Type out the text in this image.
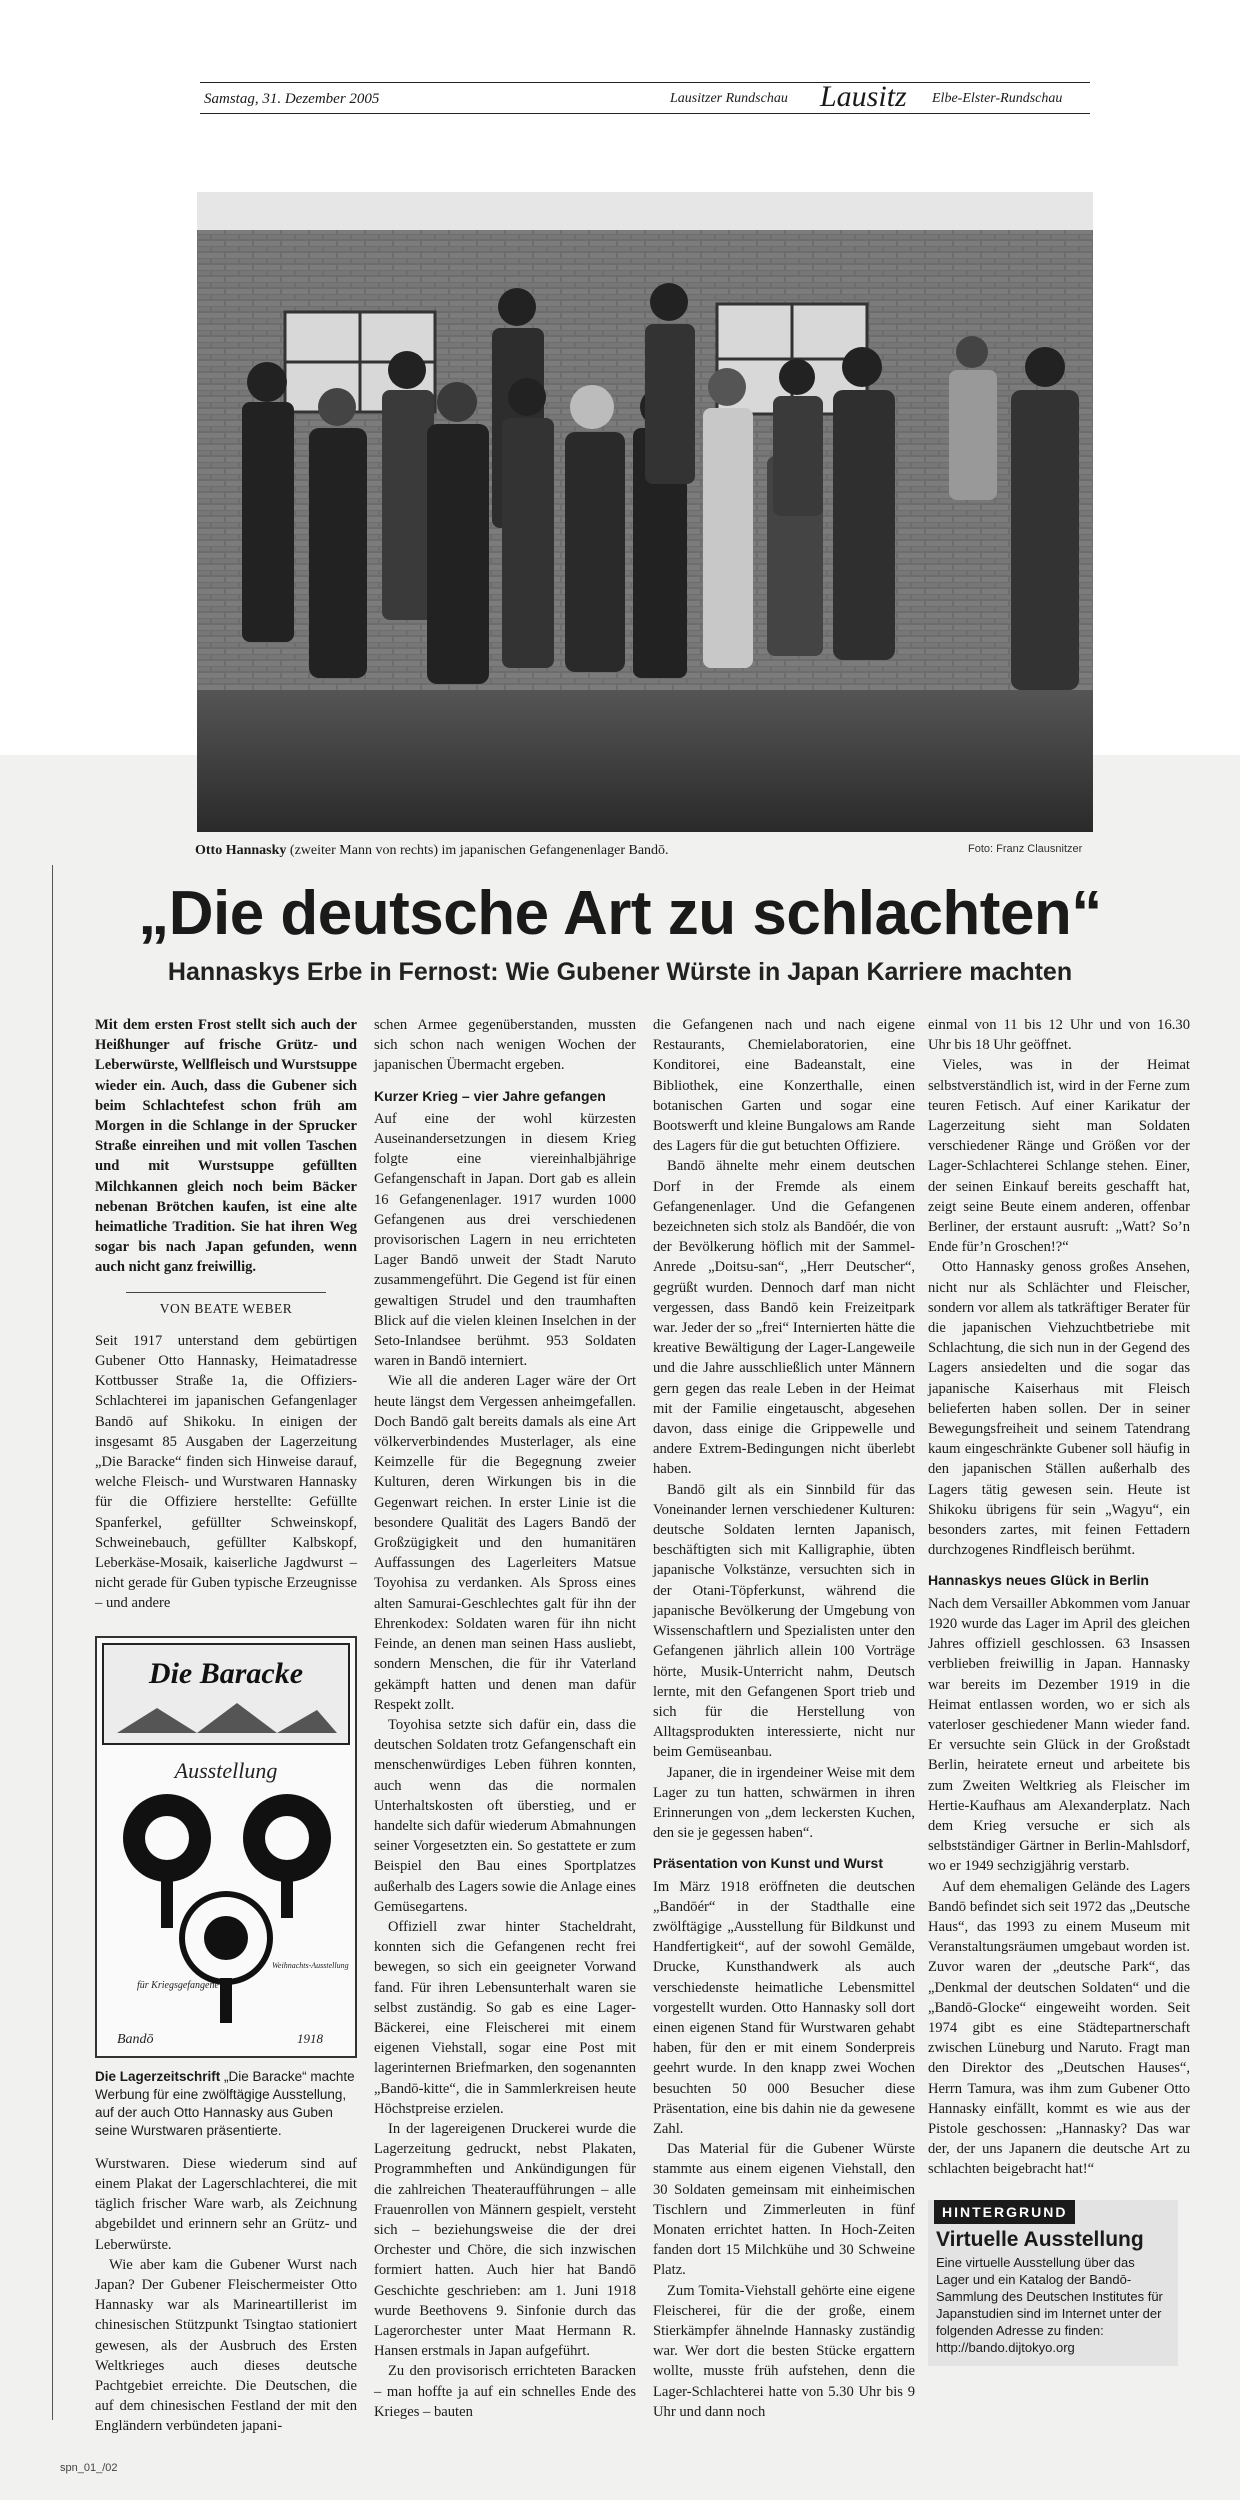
Samstag, 31. Dezember 2005	Lausitzer Rundschau Lausitz Elbe-Elster-Rundschau
Otto Hannasky (zweiter Mann von rechts) im japanischen Gefangenenlager Bandō.	Foto: Franz Clausnitzer
„Die deutsche Art zu schlachten“
Hannaskys Erbe in Fernost: Wie Gubener Würste in Japan Karriere machten

Mit dem ersten Frost stellt sich auch der Heißhunger auf frische Grütz- und Leberwürste, Wellfleisch und Wurstsuppe wieder ein. Auch, dass die Gubener sich beim Schlachtefest schon früh am Morgen in die Schlange in der Sprucker Straße einreihen und mit vollen Taschen und mit Wurstsuppe gefüllten Milchkannen gleich noch beim Bäcker nebenan Brötchen kaufen, ist eine alte heimatliche Tradition. Sie hat ihren Weg sogar bis nach Japan gefunden, wenn auch nicht ganz freiwillig.

VON BEATE WEBER

Seit 1917 unterstand dem gebürtigen Gubener Otto Hannasky, Heimatadresse Kottbusser Straße 1a, die Offiziers-Schlachterei im japanischen Gefangenlager Bandō auf Shikoku. In einigen der insgesamt 85 Ausgaben der Lagerzeitung „Die Baracke“ finden sich Hinweise darauf, welche Fleisch- und Wurstwaren Hannasky für die Offiziere herstellte: Gefüllte Spanferkel, gefüllter Schweinskopf, Schweinebauch, gefüllter Kalbskopf, Leberkäse-Mosaik, kaiserliche Jagdwurst – nicht gerade für Guben typische Erzeugnisse – und andere

Die Baracke
Ausstellung
für Kriegsgefangene
Weihnachts-Ausstellung
Bandō	1918
Die Lagerzeitschrift „Die Baracke“ machte Werbung für eine zwölftägige Ausstellung, auf der auch Otto Hannasky aus Guben seine Wurstwaren präsentierte.

Wurstwaren. Diese wiederum sind auf einem Plakat der Lagerschlachterei, die mit täglich frischer Ware warb, als Zeichnung abgebildet und erinnern sehr an Grütz- und Leberwürste.

Wie aber kam die Gubener Wurst nach Japan? Der Gubener Fleischermeister Otto Hannasky war als Marineartillerist im chinesischen Stützpunkt Tsingtao stationiert gewesen, als der Ausbruch des Ersten Weltkrieges auch dieses deutsche Pachtgebiet erreichte. Die Deutschen, die auf dem chinesischen Festland der mit den Engländern verbündeten japani-

schen Armee gegenüberstanden, mussten sich schon nach wenigen Wochen der japanischen Übermacht ergeben.

Kurzer Krieg – vier Jahre gefangen

Auf eine der wohl kürzesten Auseinandersetzungen in diesem Krieg folgte eine viereinhalbjährige Gefangenschaft in Japan. Dort gab es allein 16 Gefangenenlager. 1917 wurden 1000 Gefangenen aus drei verschiedenen provisorischen Lagern in neu errichteten Lager Bandō unweit der Stadt Naruto zusammengeführt. Die Gegend ist für einen gewaltigen Strudel und den traumhaften Blick auf die vielen kleinen Inselchen in der Seto-Inlandsee berühmt. 953 Soldaten waren in Bandō interniert.

Wie all die anderen Lager wäre der Ort heute längst dem Vergessen anheimgefallen. Doch Bandō galt bereits damals als eine Art völkerverbindendes Musterlager, als eine Keimzelle für die Begegnung zweier Kulturen, deren Wirkungen bis in die Gegenwart reichen. In erster Linie ist die besondere Qualität des Lagers Bandō der Großzügigkeit und den humanitären Auffassungen des Lagerleiters Matsue Toyohisa zu verdanken. Als Spross eines alten Samurai-Geschlechtes galt für ihn der Ehrenkodex: Soldaten waren für ihn nicht Feinde, an denen man seinen Hass ausliebt, sondern Menschen, die für ihr Vaterland gekämpft hatten und denen man dafür Respekt zollt.

Toyohisa setzte sich dafür ein, dass die deutschen Soldaten trotz Gefangenschaft ein menschenwürdiges Leben führen konnten, auch wenn das die normalen Unterhaltskosten oft überstieg, und er handelte sich dafür wiederum Abmahnungen seiner Vorgesetzten ein. So gestattete er zum Beispiel den Bau eines Sportplatzes außerhalb des Lagers sowie die Anlage eines Gemüsegartens.

Offiziell zwar hinter Stacheldraht, konnten sich die Gefangenen recht frei bewegen, so sich ein geeigneter Vorwand fand. Für ihren Lebensunterhalt waren sie selbst zuständig. So gab es eine Lager-Bäckerei, eine Fleischerei mit einem eigenen Viehstall, sogar eine Post mit lagerinternen Briefmarken, den sogenannten „Bandō-kitte“, die in Sammlerkreisen heute Höchstpreise erzielen.

In der lagereigenen Druckerei wurde die Lagerzeitung gedruckt, nebst Plakaten, Programmheften und Ankündigungen für die zahlreichen Theateraufführungen – alle Frauenrollen von Männern gespielt, versteht sich – beziehungsweise die der drei Orchester und Chöre, die sich inzwischen formiert hatten. Auch hier hat Bandō Geschichte geschrieben: am 1. Juni 1918 wurde Beethovens 9. Sinfonie durch das Lagerorchester unter Maat Hermann R. Hansen erstmals in Japan aufgeführt.

Zu den provisorisch errichteten Baracken – man hoffte ja auf ein schnelles Ende des Krieges – bauten

die Gefangenen nach und nach eigene Restaurants, Chemielaboratorien, eine Konditorei, eine Badeanstalt, eine Bibliothek, eine Konzerthalle, einen botanischen Garten und sogar eine Bootswerft und kleine Bungalows am Rande des Lagers für die gut betuchten Offiziere.

Bandō ähnelte mehr einem deutschen Dorf in der Fremde als einem Gefangenenlager. Und die Gefangenen bezeichneten sich stolz als Bandōér, die von der Bevölkerung höflich mit der Sammel-Anrede „Doitsu-san“, „Herr Deutscher“, gegrüßt wurden. Dennoch darf man nicht vergessen, dass Bandō kein Freizeitpark war. Jeder der so „frei“ Internierten hätte die kreative Bewältigung der Lager-Langeweile und die Jahre ausschließlich unter Männern gern gegen das reale Leben in der Heimat mit der Familie eingetauscht, abgesehen davon, dass einige die Grippewelle und andere Extrem-Bedingungen nicht überlebt haben.

Bandō gilt als ein Sinnbild für das Voneinander lernen verschiedener Kulturen: deutsche Soldaten lernten Japanisch, beschäftigten sich mit Kalligraphie, übten japanische Volkstänze, versuchten sich in der Otani-Töpferkunst, während die japanische Bevölkerung der Umgebung von Wissenschaftlern und Spezialisten unter den Gefangenen jährlich allein 100 Vorträge hörte, Musik-Unterricht nahm, Deutsch lernte, mit den Gefangenen Sport trieb und sich für die Herstellung von Alltagsprodukten interessierte, nicht nur beim Gemüseanbau.

Japaner, die in irgendeiner Weise mit dem Lager zu tun hatten, schwärmen in ihren Erinnerungen von „dem leckersten Kuchen, den sie je gegessen haben“.

Präsentation von Kunst und Wurst

Im März 1918 eröffneten die deutschen „Bandōér“ in der Stadthalle eine zwölftägige „Ausstellung für Bildkunst und Handfertigkeit“, auf der sowohl Gemälde, Drucke, Kunsthandwerk als auch verschiedenste heimatliche Lebensmittel vorgestellt wurden. Otto Hannasky soll dort einen eigenen Stand für Wurstwaren gehabt haben, für den er mit einem Sonderpreis geehrt wurde. In den knapp zwei Wochen besuchten 50 000 Besucher diese Präsentation, eine bis dahin nie da gewesene Zahl.

Das Material für die Gubener Würste stammte aus einem eigenen Viehstall, den 30 Soldaten gemeinsam mit einheimischen Tischlern und Zimmerleuten in fünf Monaten errichtet hatten. In Hoch-Zeiten fanden dort 15 Milchkühe und 30 Schweine Platz.

Zum Tomita-Viehstall gehörte eine eigene Fleischerei, für die der große, einem Stierkämpfer ähnelnde Hannasky zuständig war. Wer dort die besten Stücke ergattern wollte, musste früh aufstehen, denn die Lager-Schlachterei hatte von 5.30 Uhr bis 9 Uhr und dann noch

einmal von 11 bis 12 Uhr und von 16.30 Uhr bis 18 Uhr geöffnet.

Vieles, was in der Heimat selbstverständlich ist, wird in der Ferne zum teuren Fetisch. Auf einer Karikatur der Lagerzeitung sieht man Soldaten verschiedener Ränge und Größen vor der Lager-Schlachterei Schlange stehen. Einer, der seinen Einkauf bereits geschafft hat, zeigt seine Beute einem anderen, offenbar Berliner, der erstaunt ausruft: „Watt? So’n Ende für’n Groschen!?“

Otto Hannasky genoss großes Ansehen, nicht nur als Schlächter und Fleischer, sondern vor allem als tatkräftiger Berater für die japanischen Viehzuchtbetriebe mit Schlachtung, die sich nun in der Gegend des Lagers ansiedelten und die sogar das japanische Kaiserhaus mit Fleisch belieferten haben sollen. Der in seiner Bewegungsfreiheit und seinem Tatendrang kaum eingeschränkte Gubener soll häufig in den japanischen Ställen außerhalb des Lagers tätig gewesen sein. Heute ist Shikoku übrigens für sein „Wagyu“, ein besonders zartes, mit feinen Fettadern durchzogenes Rindfleisch berühmt.

Hannaskys neues Glück in Berlin

Nach dem Versailler Abkommen vom Januar 1920 wurde das Lager im April des gleichen Jahres offiziell geschlossen. 63 Insassen verblieben freiwillig in Japan. Hannasky war bereits im Dezember 1919 in die Heimat entlassen worden, wo er sich als vaterloser geschiedener Mann wieder fand. Er versuchte sein Glück in der Großstadt Berlin, heiratete erneut und arbeitete bis zum Zweiten Weltkrieg als Fleischer im Hertie-Kaufhaus am Alexanderplatz. Nach dem Krieg versuche er sich als selbstständiger Gärtner in Berlin-Mahlsdorf, wo er 1949 sechzigjährig verstarb.

Auf dem ehemaligen Gelände des Lagers Bandō befindet sich seit 1972 das „Deutsche Haus“, das 1993 zu einem Museum mit Veranstaltungsräumen umgebaut worden ist. Zuvor waren der „deutsche Park“, das „Denkmal der deutschen Soldaten“ und die „Bandō-Glocke“ eingeweiht worden. Seit 1974 gibt es eine Städtepartnerschaft zwischen Lüneburg und Naruto. Fragt man den Direktor des „Deutschen Hauses“, Herrn Tamura, was ihm zum Gubener Otto Hannasky einfällt, kommt es wie aus der Pistole geschossen: „Hannasky? Das war der, der uns Japanern die deutsche Art zu schlachten beigebracht hat!“

HINTERGRUND
Virtuelle Ausstellung
Eine virtuelle Ausstellung über das Lager und ein Katalog der Bandō-Sammlung des Deutschen Institutes für Japanstudien sind im Internet unter der folgenden Adresse zu finden: http://bando.dijtokyo.org
spn_01_/02
